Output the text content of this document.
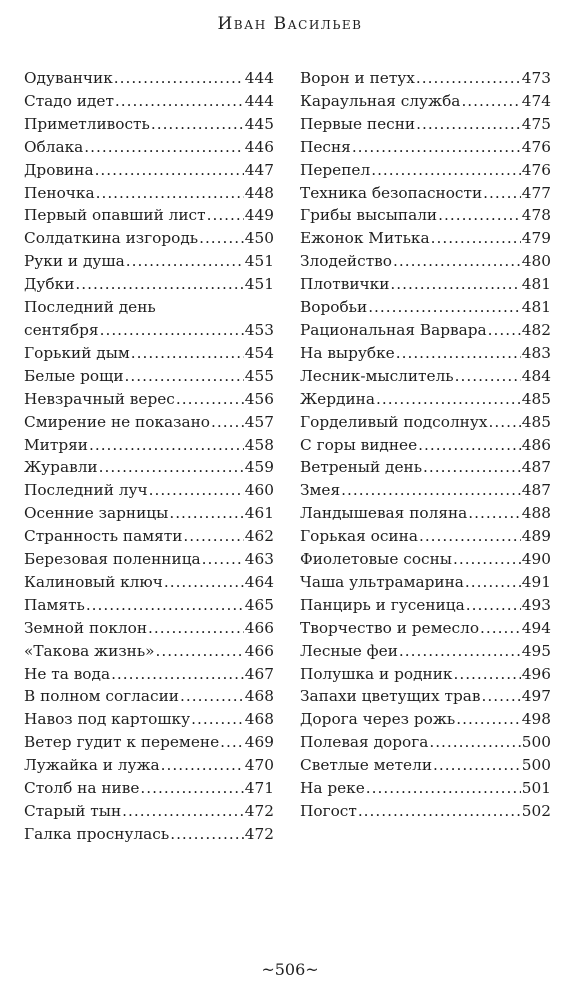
Иван Васильев
Одуванчик .....	444
Стадо идет .....	444
Приметливость .....	445
Облака .....	446
Дровина .....	447
Пеночка .....	448
Первый опавший лист .....	449
Солдаткина изгородь .....	450
Руки и душа .....	451
Дубки .....	451
Последний день
сентября .....	453
Горький дым .....	454
Белые рощи .....	455
Невзрачный верес .....	456
Смирение не показано ..... 457
Митряи .....	458
Журавли .....	459
Последний луч .....	460
Осенние зарницы .....	461
Странность памяти .....	462
Березовая поленница .....	463
Калиновый ключ .....	464
Память .....	465
Земной поклон .....	466
«Такова жизнь» .....	466
Не та вода .....	467
В полном согласии .....	468
Навоз под картошку .....	468
Ветер гудит к перемене ..... 469
Лужайка и лужа .....	470
Столб на ниве .....	471
Старый тын .....	472
Галка проснулась .....	472
Ворон и петух .....	473
Караульная служба .....	474
Первые песни .....	475
Песня .....	476
Перепел .....	476
Техника безопасности .....	477
Грибы высыпали .....	478
Ежонок Митька .....	479
Злодейство .....	480
Плотвички .....	481
Воробьи .....	481
Рациональная Варвара ..... 482
На вырубке .....	483
Лесник-мыслитель .....	484
Жердина .....	485
Горделивый подсолнух ..... 485
С горы виднее .....	486
Ветреный день .....	487
Змея .....	487
Ландышевая поляна .....	488
Горькая осина .....	489
Фиолетовые сосны .....	490
Чаша ультрамарина .....	491
Панцирь и гусеница .....	493
Творчество и ремесло .....	494
Лесные феи .....	495
Полушка и родник .....	496
Запахи цветущих трав .....	497
Дорога через рожь .....	498
Полевая дорога .....	500
Светлые метели .....	500
На реке .....	501
Погост .....	502
~506~
